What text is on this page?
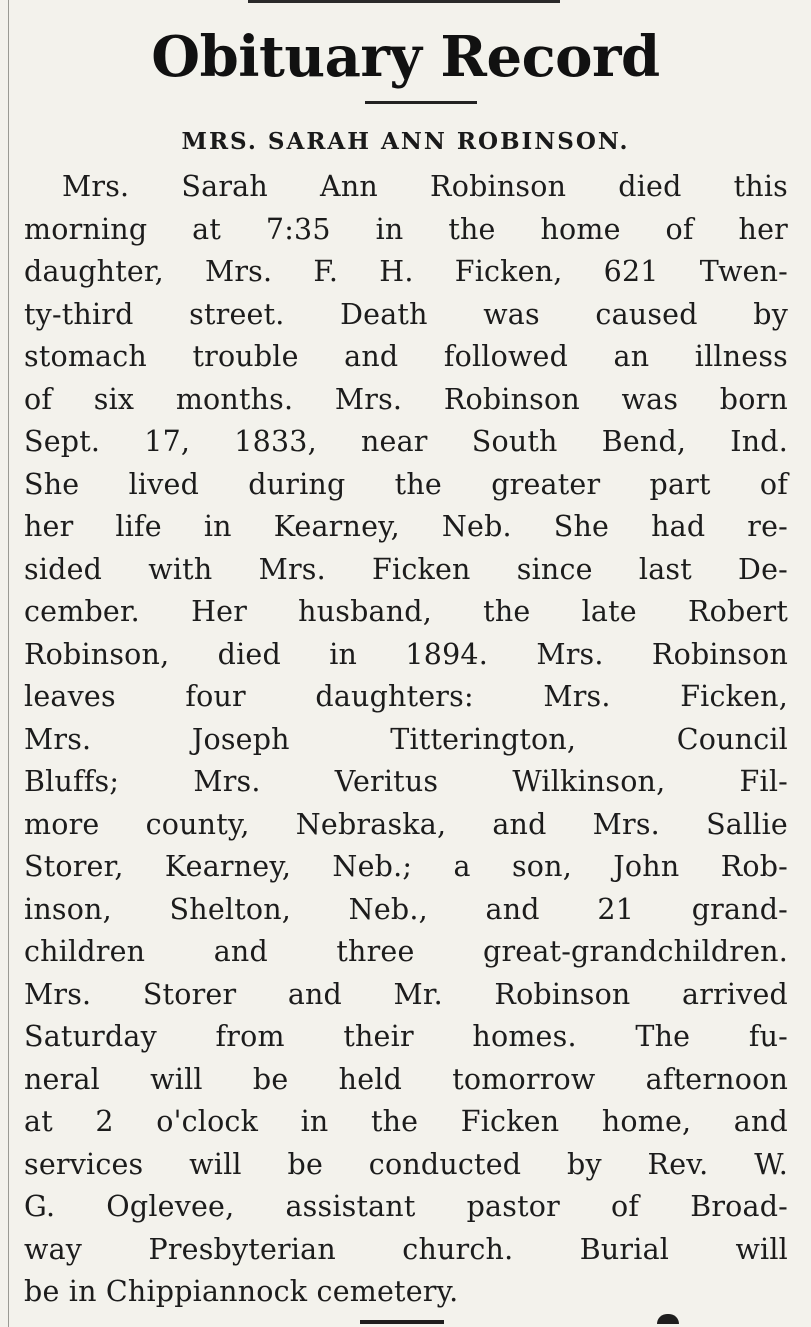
Obituary Record
MRS. SARAH ANN ROBINSON.
Mrs. Sarah Ann Robinson died this
morning at 7:35 in the home of her
daughter, Mrs. F. H. Ficken, 621 Twen-
ty-third street. Death was caused by
stomach trouble and followed an illness
of six months. Mrs. Robinson was born
Sept. 17, 1833, near South Bend, Ind.
She lived during the greater part of
her life in Kearney, Neb. She had re-
sided with Mrs. Ficken since last De-
cember. Her husband, the late Robert
Robinson, died in 1894. Mrs. Robinson
leaves four daughters: Mrs. Ficken,
Mrs. Joseph Titterington, Council
Bluffs; Mrs. Veritus Wilkinson, Fil-
more county, Nebraska, and Mrs. Sallie
Storer, Kearney, Neb.; a son, John Rob-
inson, Shelton, Neb., and 21 grand-
children and three great-grandchildren.
Mrs. Storer and Mr. Robinson arrived
Saturday from their homes. The fu-
neral will be held tomorrow afternoon
at 2 o'clock in the Ficken home, and
services will be conducted by Rev. W.
G. Oglevee, assistant pastor of Broad-
way Presbyterian church. Burial will
be in Chippiannock cemetery.
